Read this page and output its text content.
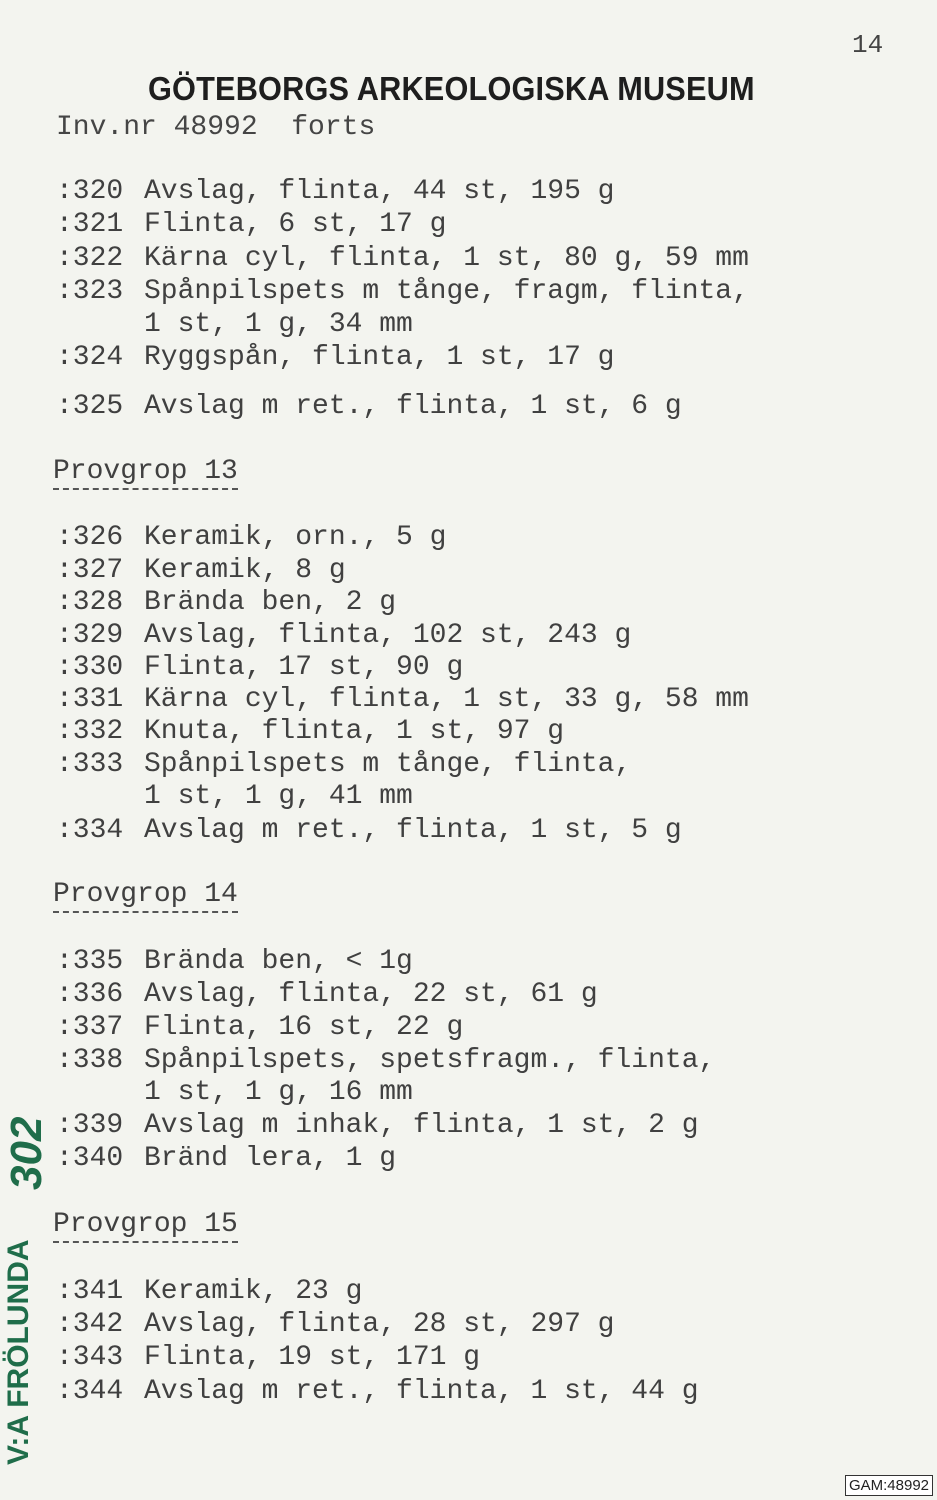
14
GÖTEBORGS ARKEOLOGISKA MUSEUM
Inv.nr 48992  forts
:320 Avslag, flinta, 44 st, 195 g
:321 Flinta, 6 st, 17 g
:322 Kärna cyl, flinta, 1 st, 80 g, 59 mm
:323 Spånpilspets m tånge, fragm, flinta,
1 st, 1 g, 34 mm
:324 Ryggspån, flinta, 1 st, 17 g
:325 Avslag m ret., flinta, 1 st, 6 g
Provgrop 13
:326 Keramik, orn., 5 g
:327 Keramik, 8 g
:328 Brända ben, 2 g
:329 Avslag, flinta, 102 st, 243 g
:330 Flinta, 17 st, 90 g
:331 Kärna cyl, flinta, 1 st, 33 g, 58 mm
:332 Knuta, flinta, 1 st, 97 g
:333 Spånpilspets m tånge, flinta,
1 st, 1 g, 41 mm
:334 Avslag m ret., flinta, 1 st, 5 g
Provgrop 14
:335 Brända ben, < 1g
:336 Avslag, flinta, 22 st, 61 g
:337 Flinta, 16 st, 22 g
:338 Spånpilspets, spetsfragm., flinta,
1 st, 1 g, 16 mm
:339 Avslag m inhak, flinta, 1 st, 2 g
:340 Bränd lera, 1 g
Provgrop 15
:341 Keramik, 23 g
:342 Avslag, flinta, 28 st, 297 g
:343 Flinta, 19 st, 171 g
:344 Avslag m ret., flinta, 1 st, 44 g
302
V:A FRÖLUNDA
GAM:48992
